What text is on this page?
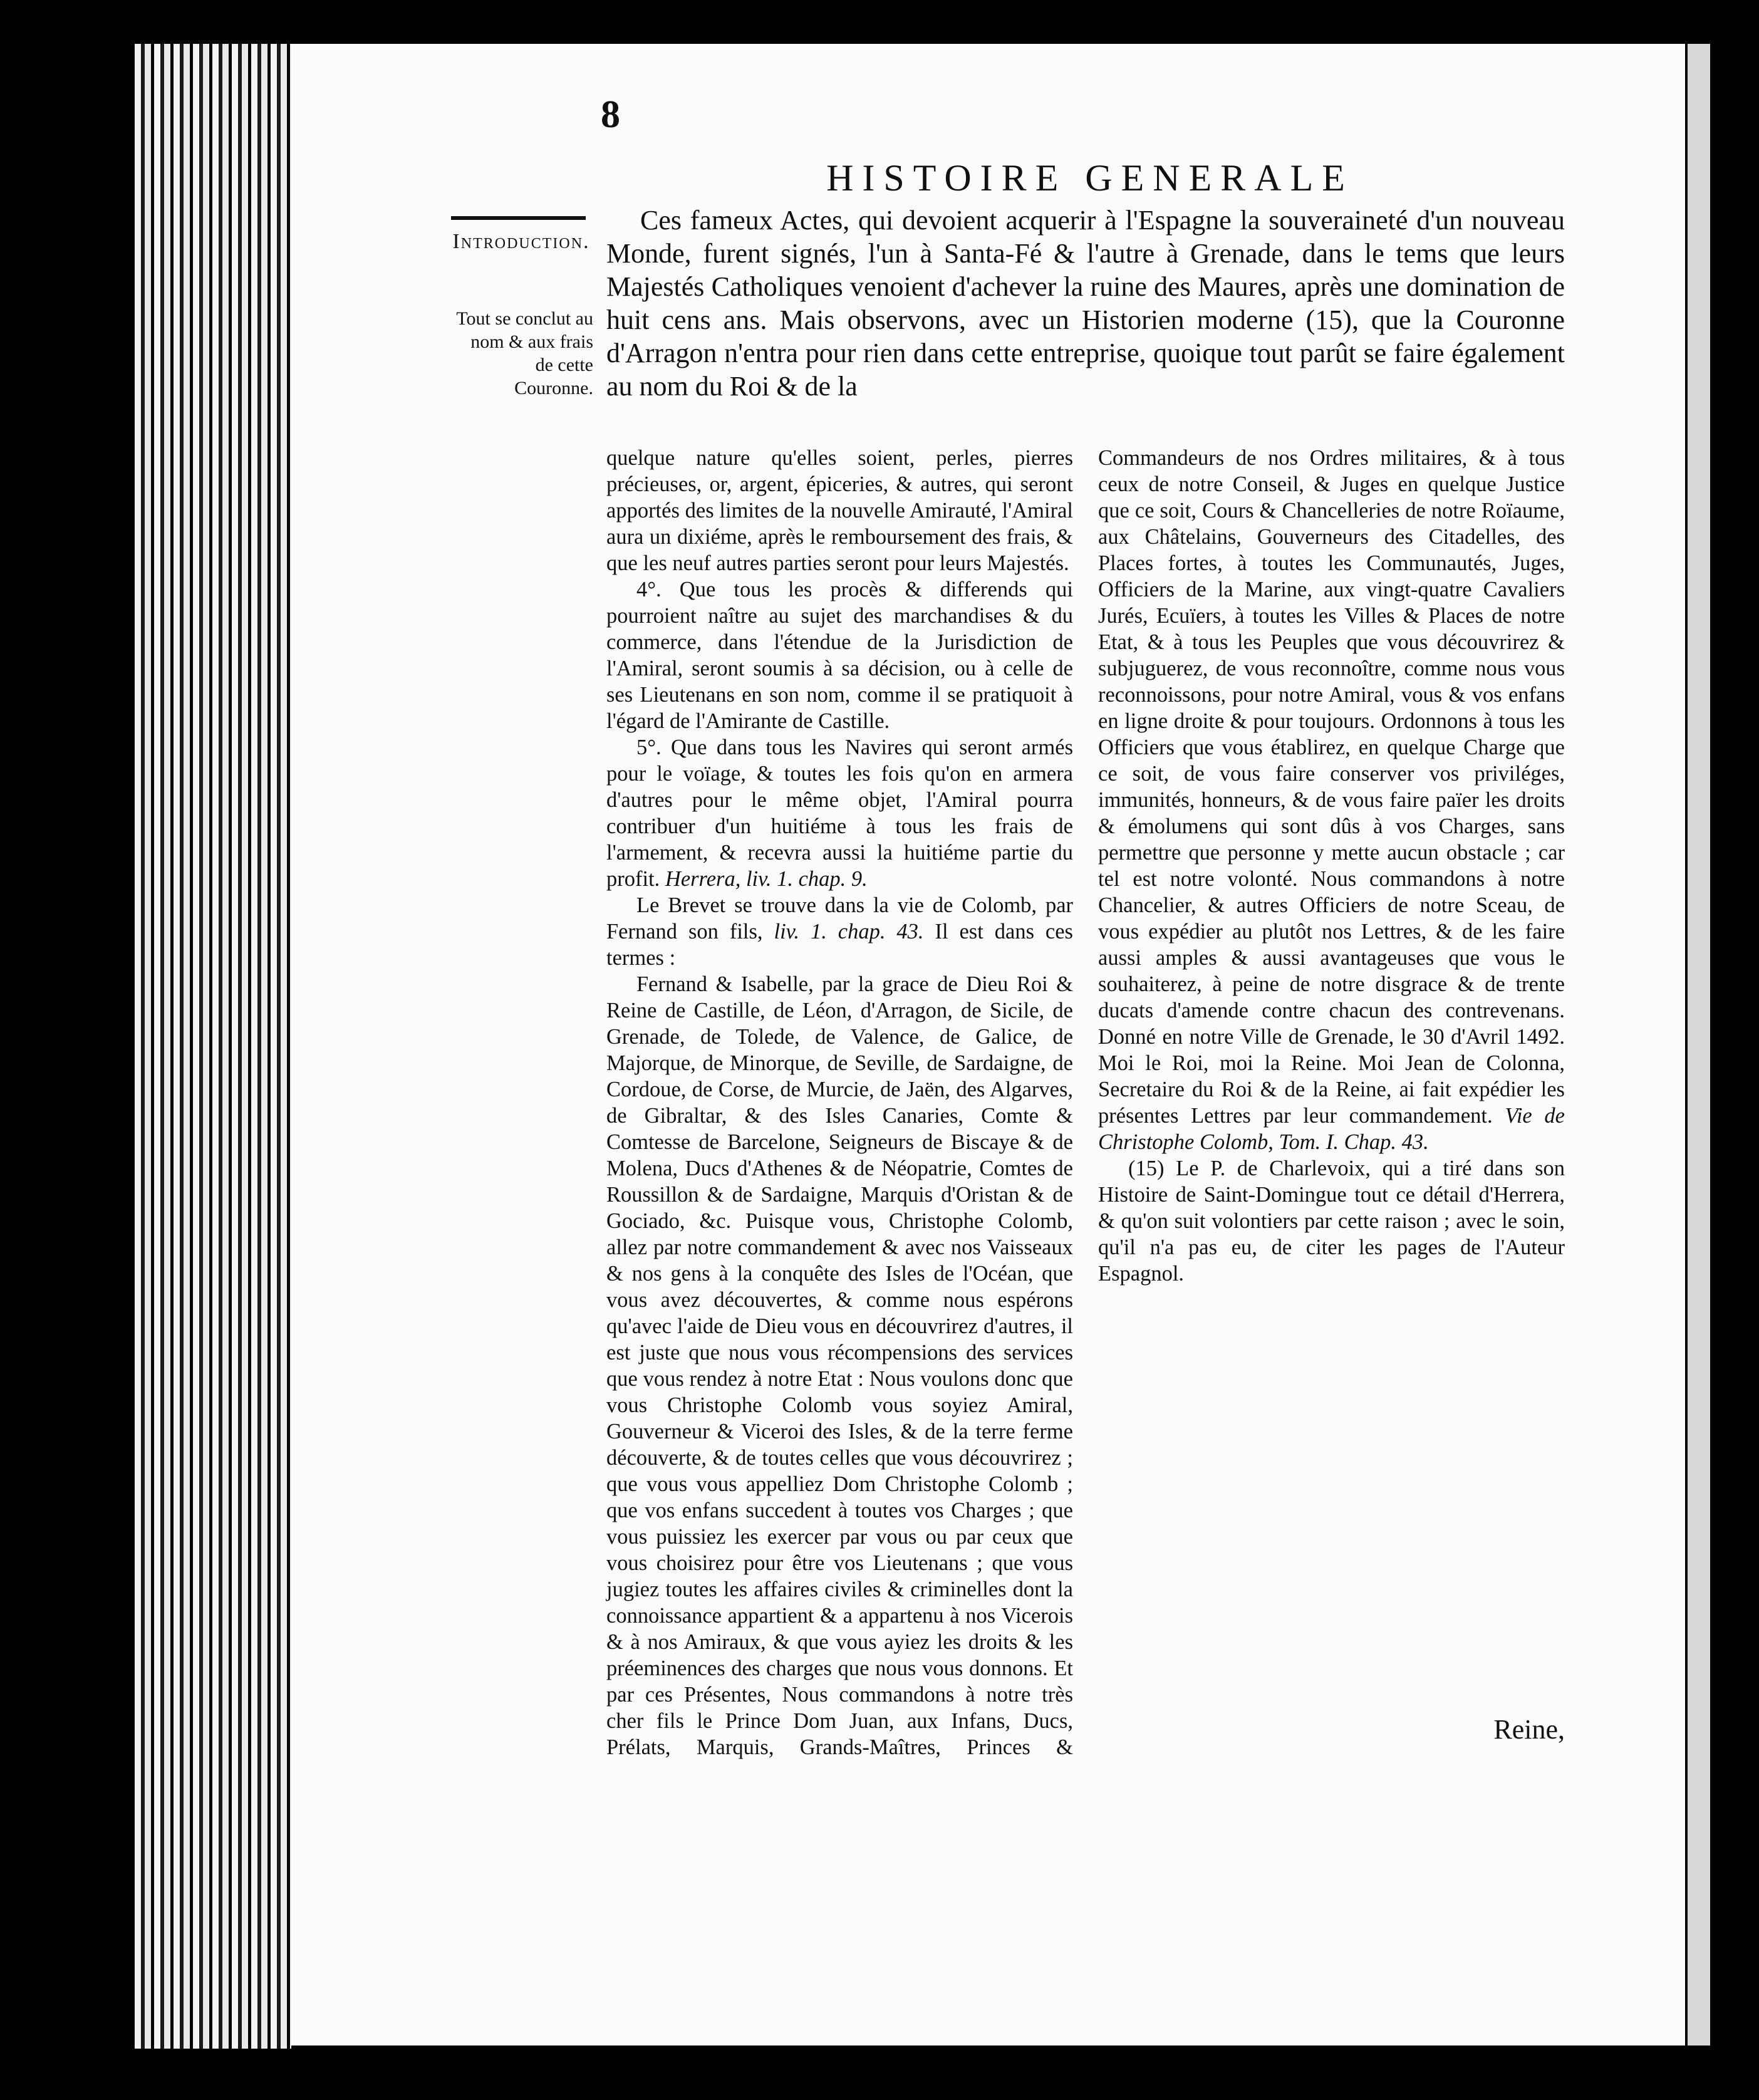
8
HISTOIRE GENERALE
Introduction.
Tout se conclut au nom & aux frais de cette Couronne.

Ces fameux Actes, qui devoient acquerir à l'Espagne la souveraineté d'un nouveau Monde, furent signés, l'un à Santa-Fé & l'autre à Grenade, dans le tems que leurs Majestés Catholiques venoient d'achever la ruine des Maures, après une domination de huit cens ans. Mais observons, avec un Historien moderne (15), que la Couronne d'Arragon n'entra pour rien dans cette entreprise, quoique tout parût se faire également au nom du Roi & de la

quelque nature qu'elles soient, perles, pierres précieuses, or, argent, épiceries, & autres, qui seront apportés des limites de la nouvelle Amirauté, l'Amiral aura un dixiéme, après le remboursement des frais, & que les neuf autres parties seront pour leurs Majestés.

4°. Que tous les procès & differends qui pourroient naître au sujet des marchandises & du commerce, dans l'étendue de la Jurisdiction de l'Amiral, seront soumis à sa décision, ou à celle de ses Lieutenans en son nom, comme il se pratiquoit à l'égard de l'Amirante de Castille.

5°. Que dans tous les Navires qui seront armés pour le voïage, & toutes les fois qu'on en armera d'autres pour le même objet, l'Amiral pourra contribuer d'un huitiéme à tous les frais de l'armement, & recevra aussi la huitiéme partie du profit. Herrera, liv. 1. chap. 9.

Le Brevet se trouve dans la vie de Colomb, par Fernand son fils, liv. 1. chap. 43. Il est dans ces termes :

Fernand & Isabelle, par la grace de Dieu Roi & Reine de Castille, de Léon, d'Arragon, de Sicile, de Grenade, de Tolede, de Valence, de Galice, de Majorque, de Minorque, de Seville, de Sardaigne, de Cordoue, de Corse, de Murcie, de Jaën, des Algarves, de Gibraltar, & des Isles Canaries, Comte & Comtesse de Barcelone, Seigneurs de Biscaye & de Molena, Ducs d'Athenes & de Néopatrie, Comtes de Roussillon & de Sardaigne, Marquis d'Oristan & de Gociado, &c. Puisque vous, Christophe Colomb, allez par notre commandement & avec nos Vaisseaux & nos gens à la conquête des Isles de l'Océan, que vous avez découvertes, & comme nous espérons qu'avec l'aide de Dieu vous en découvrirez d'autres, il est juste que nous vous récompensions des services que vous rendez à notre Etat : Nous voulons donc que vous Christophe Colomb vous soyiez Amiral, Gouverneur & Viceroi des Isles, & de la terre ferme découverte, & de toutes celles que vous découvrirez ; que vous vous appelliez Dom Christophe Colomb ; que vos enfans succedent à toutes vos Charges ; que vous puissiez les exercer par vous ou par ceux que vous choisirez pour être vos Lieutenans ; que vous jugiez toutes les affaires civiles & criminelles dont la connoissance appartient & a appartenu à nos Vicerois & à nos Amiraux, & que vous ayiez les droits & les préeminences des charges que nous vous donnons. Et par ces Présentes, Nous commandons à notre très cher fils le Prince Dom Juan, aux Infans, Ducs, Prélats, Marquis, Grands-Maîtres, Princes & Commandeurs de nos Ordres militaires, & à tous ceux de notre Conseil, & Juges en quelque Justice que ce soit, Cours & Chancelleries de notre Roïaume, aux Châtelains, Gouverneurs des Citadelles, des Places fortes, à toutes les Communautés, Juges, Officiers de la Marine, aux vingt-quatre Cavaliers Jurés, Ecuïers, à toutes les Villes & Places de notre Etat, & à tous les Peuples que vous découvrirez & subjuguerez, de vous reconnoître, comme nous vous reconnoissons, pour notre Amiral, vous & vos enfans en ligne droite & pour toujours. Ordonnons à tous les Officiers que vous établirez, en quelque Charge que ce soit, de vous faire conserver vos priviléges, immunités, honneurs, & de vous faire païer les droits & émolumens qui sont dûs à vos Charges, sans permettre que personne y mette aucun obstacle ; car tel est notre volonté. Nous commandons à notre Chancelier, & autres Officiers de notre Sceau, de vous expédier au plutôt nos Lettres, & de les faire aussi amples & aussi avantageuses que vous le souhaiterez, à peine de notre disgrace & de trente ducats d'amende contre chacun des contrevenans. Donné en notre Ville de Grenade, le 30 d'Avril 1492. Moi le Roi, moi la Reine. Moi Jean de Colonna, Secretaire du Roi & de la Reine, ai fait expédier les présentes Lettres par leur commandement. Vie de Christophe Colomb, Tom. I. Chap. 43.

(15) Le P. de Charlevoix, qui a tiré dans son Histoire de Saint-Domingue tout ce détail d'Herrera, & qu'on suit volontiers par cette raison ; avec le soin, qu'il n'a pas eu, de citer les pages de l'Auteur Espagnol.

Reine,
